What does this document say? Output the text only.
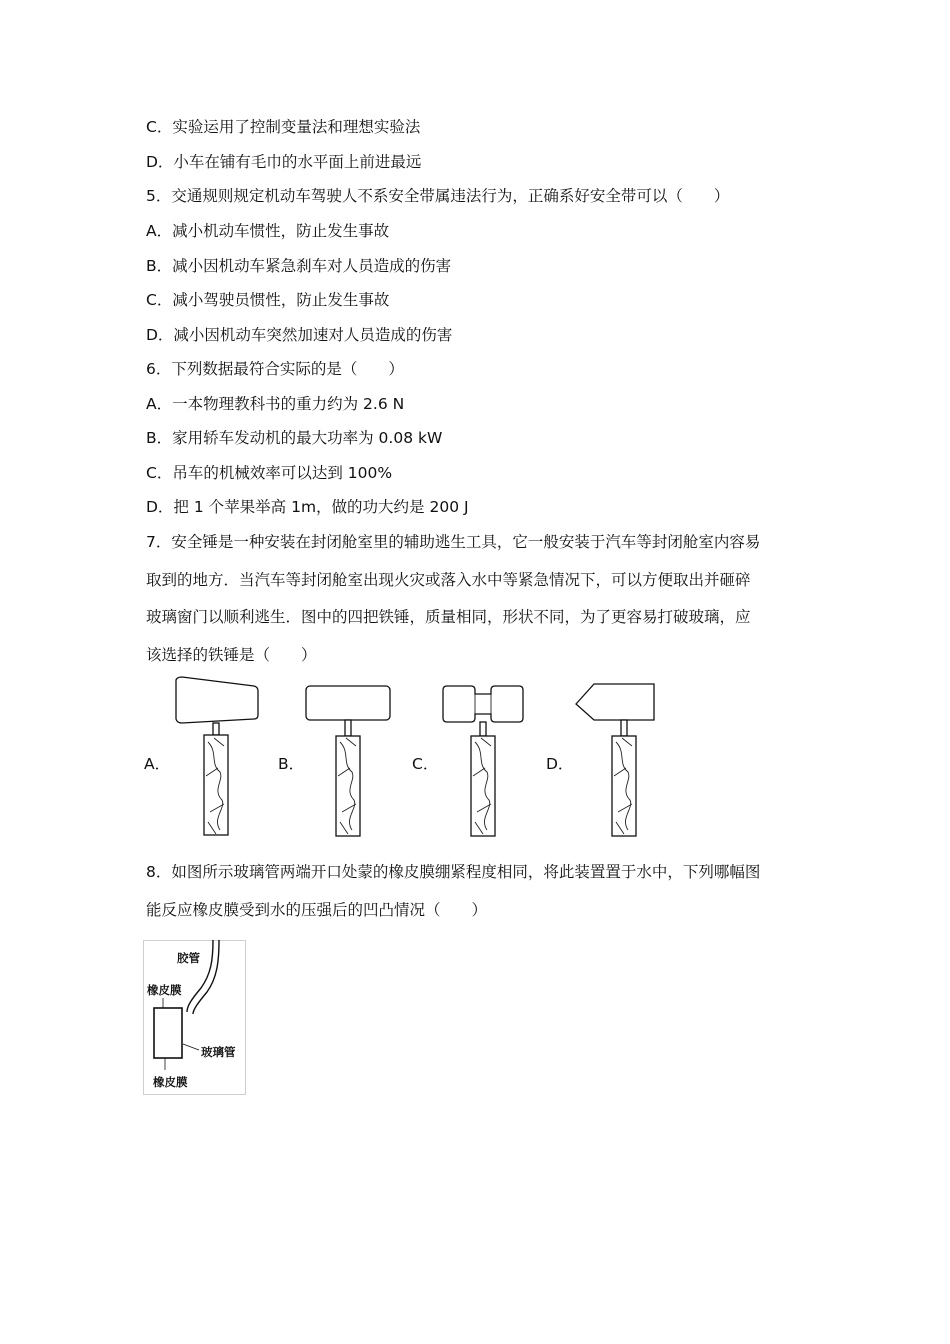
C．实验运用了控制变量法和理想实验法
D．小车在铺有毛巾的水平面上前进最远
5．交通规则规定机动车驾驶人不系安全带属违法行为，正确系好安全带可以（　　）
A．减小机动车惯性，防止发生事故
B．减小因机动车紧急刹车对人员造成的伤害
C．减小驾驶员惯性，防止发生事故
D．减小因机动车突然加速对人员造成的伤害
6．下列数据最符合实际的是（　　）
A．一本物理教科书的重力约为 2.6 N
B．家用轿车发动机的最大功率为 0.08 kW
C．吊车的机械效率可以达到 100%
D．把 1 个苹果举高 1m，做的功大约是 200 J
7．安全锤是一种安装在封闭舱室里的辅助逃生工具，它一般安装于汽车等封闭舱室内容易
取到的地方．当汽车等封闭舱室出现火灾或落入水中等紧急情况下，可以方便取出并砸碎
玻璃窗门以顺利逃生．图中的四把铁锤，质量相同，形状不同，为了更容易打破玻璃，应
该选择的铁锤是（　　）
A．	B．	C．	D．
8．如图所示玻璃管两端开口处蒙的橡皮膜绷紧程度相同，将此装置置于水中，下列哪幅图
能反应橡皮膜受到水的压强后的凹凸情况（　　）
胶管
橡皮膜
玻璃管
橡皮膜
